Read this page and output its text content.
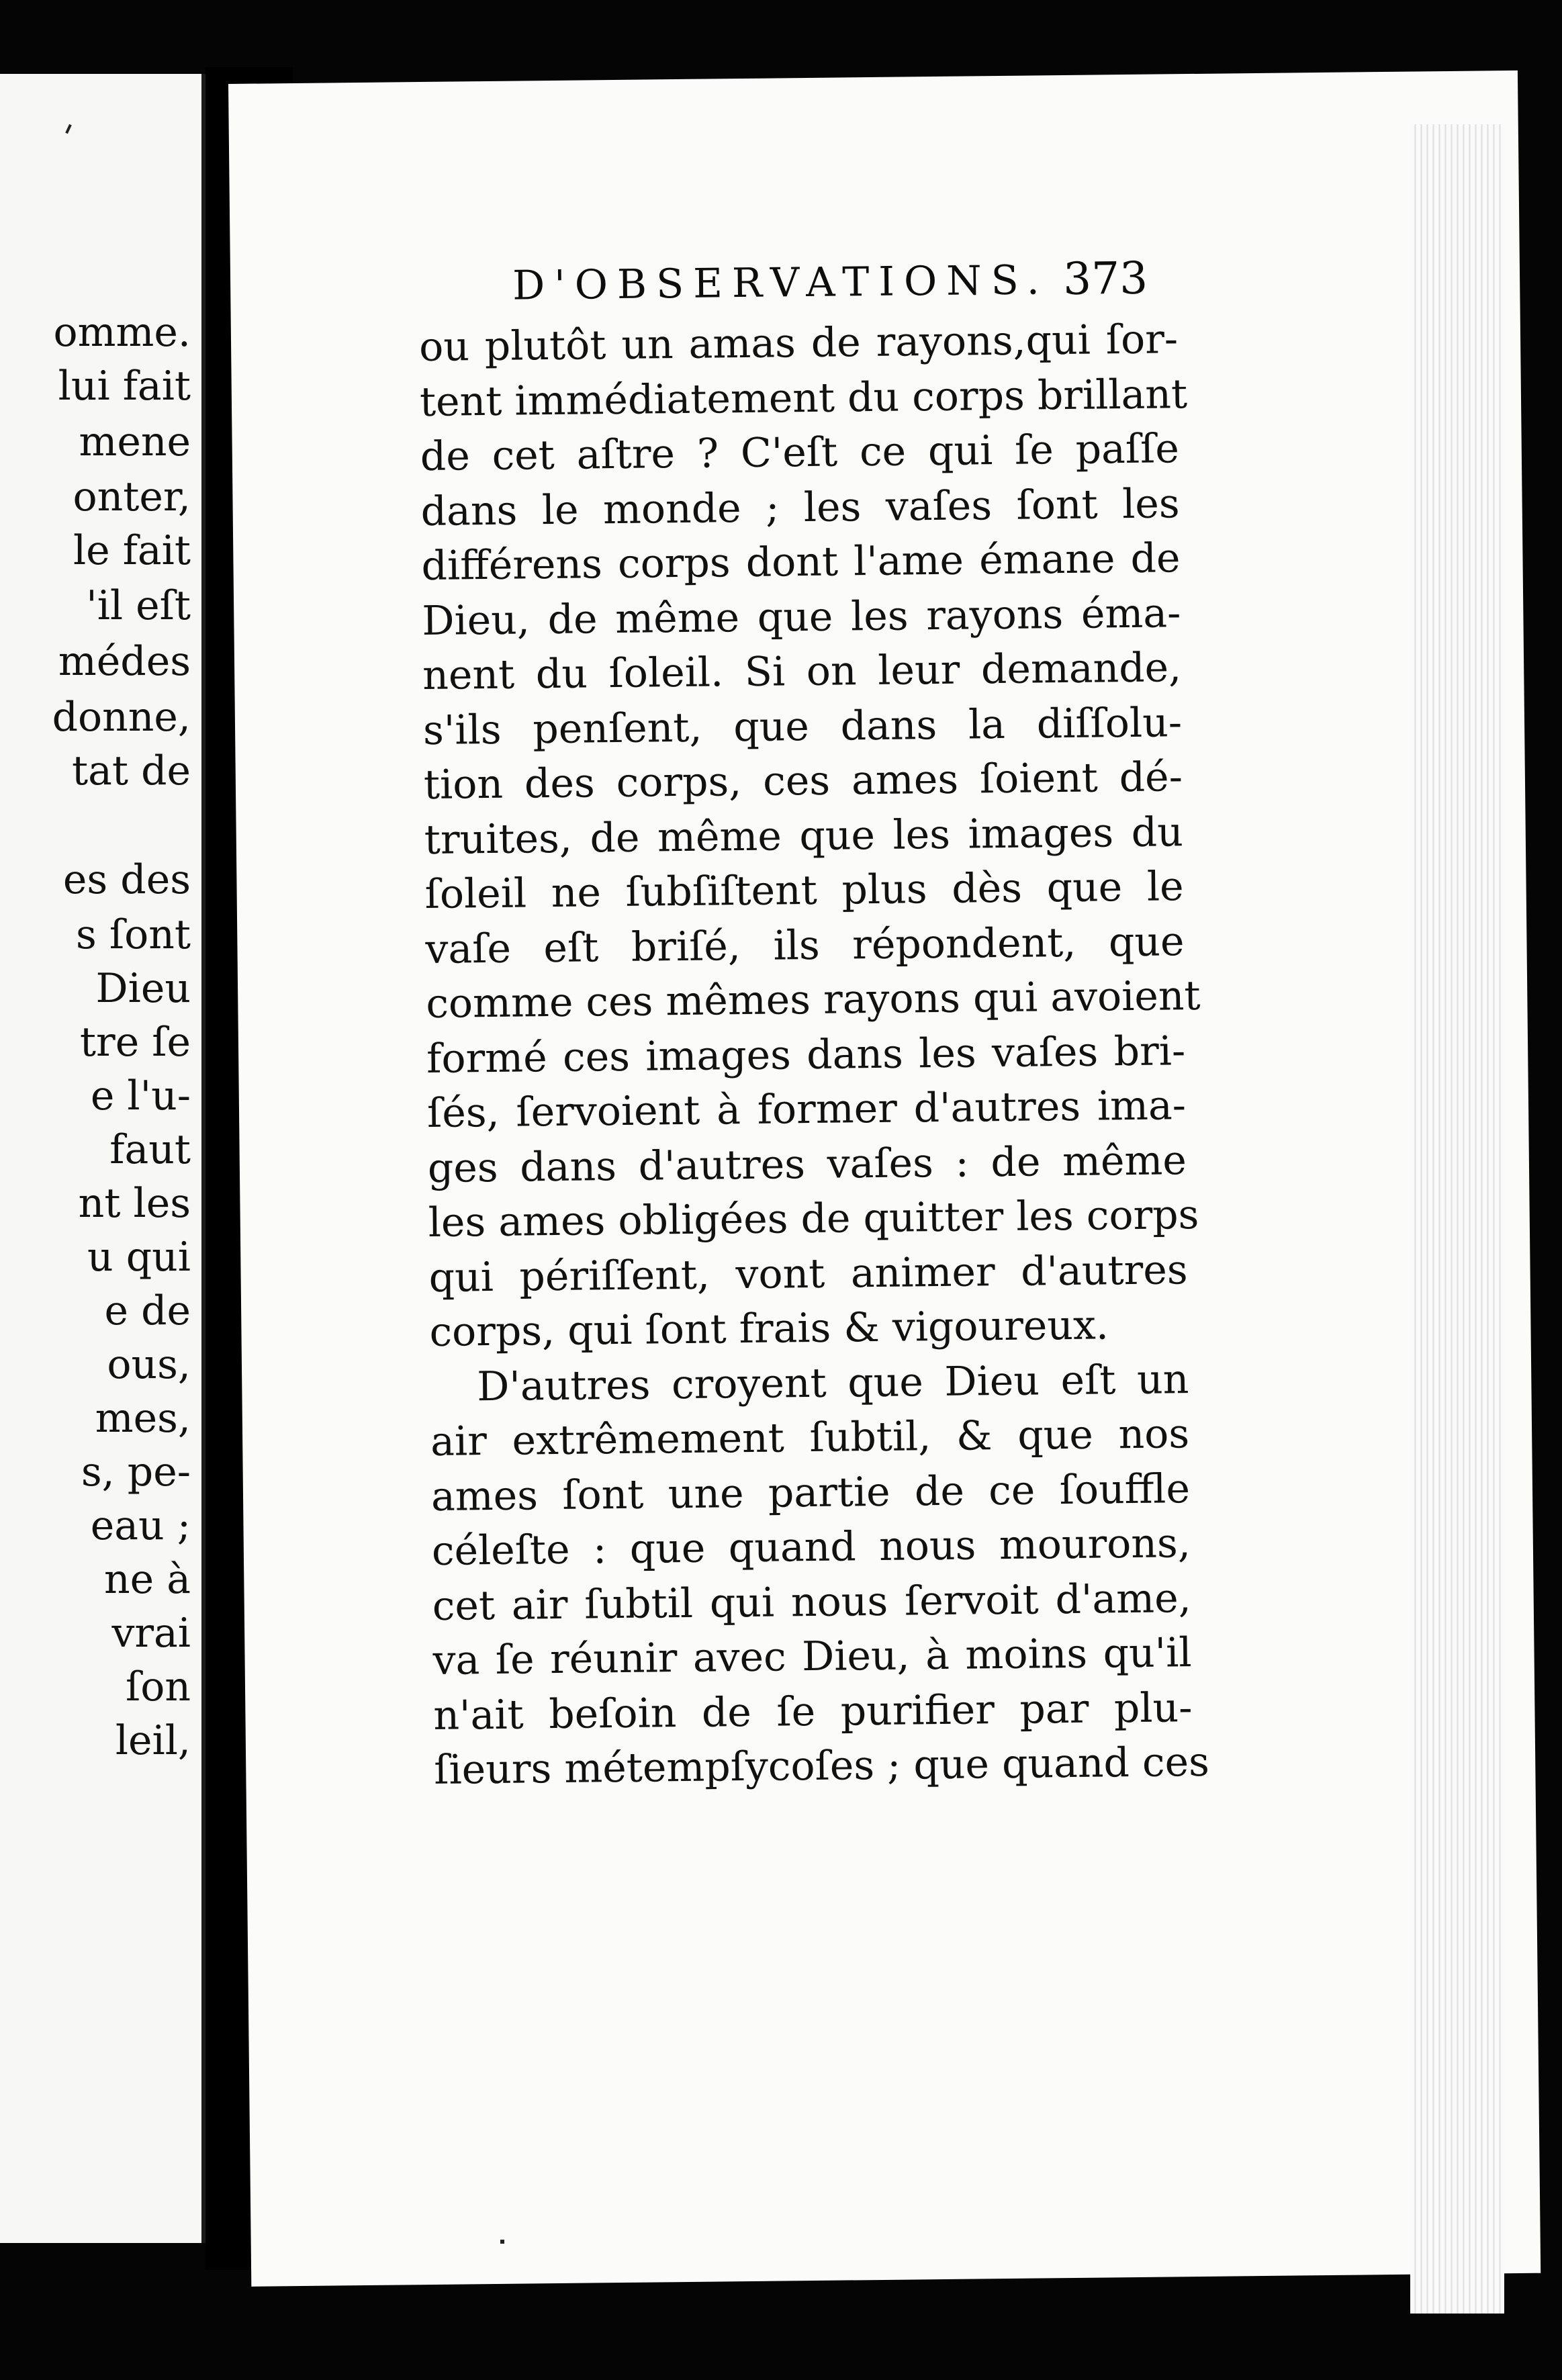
omme.
lui fait
mene
onter,
le fait
'il eſt
médes
donne,
tat de
es des
s ſont
Dieu
tre ſe
e l'u-
faut
nt les
u qui
e de
ous,
mes,
s, pe-
eau ;
ne à
vrai
ſon
leil,
D'OBSERVATIONS. 373
ou plutôt un amas de rayons,qui ſor-
tent immédiatement du corps brillant
de cet aſtre ? C'eſt ce qui ſe paſſe
dans le monde ; les vaſes ſont les
différens corps dont l'ame émane de
Dieu, de même que les rayons éma-
nent du ſoleil. Si on leur demande,
s'ils penſent, que dans la diſſolu-
tion des corps, ces ames ſoient dé-
truites, de même que les images du
ſoleil ne ſubſiſtent plus dès que le
vaſe eſt briſé, ils répondent, que
comme ces mêmes rayons qui avoient
formé ces images dans les vaſes bri-
ſés, ſervoient à former d'autres ima-
ges dans d'autres vaſes : de même
les ames obligées de quitter les corps
qui périſſent, vont animer d'autres
corps, qui ſont frais & vigoureux.
D'autres croyent que Dieu eſt un
air extrêmement ſubtil, & que nos
ames ſont une partie de ce ſouffle
céleſte : que quand nous mourons,
cet air ſubtil qui nous ſervoit d'ame,
va ſe réunir avec Dieu, à moins qu'il
n'ait beſoin de ſe purifier par plu-
ſieurs métempſycoſes ; que quand ces
